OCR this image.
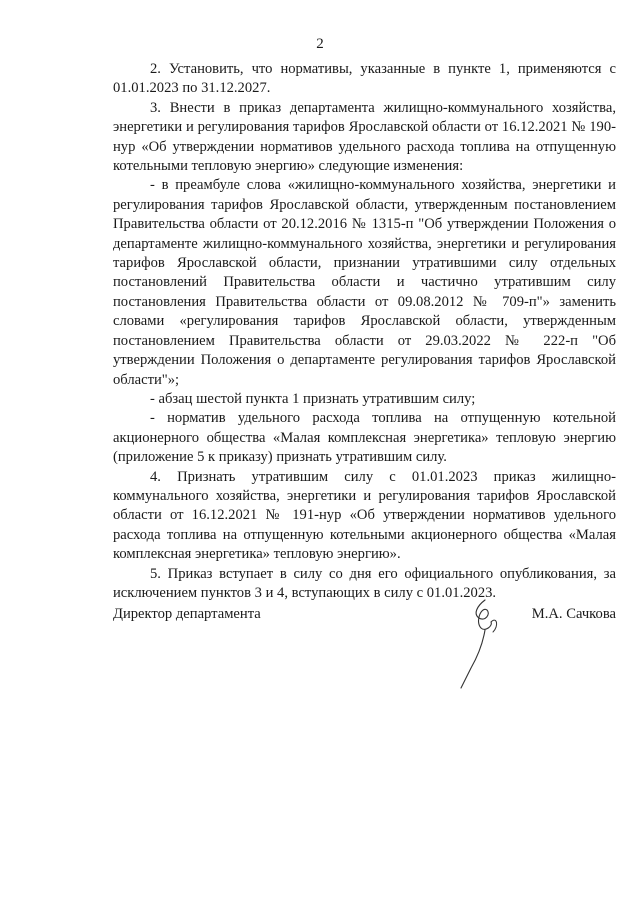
2

2. Установить, что нормативы, указанные в пункте 1, применяются с 01.01.2023 по 31.12.2027.

3. Внести в приказ департамента жилищно-коммунального хозяйства, энергетики и регулирования тарифов Ярославской области от 16.12.2021 № 190-нур «Об утверждении нормативов удельного расхода топлива на отпущенную котельными тепловую энергию» следующие изменения:

- в преамбуле слова «жилищно-коммунального хозяйства, энергетики и регулирования тарифов Ярославской области, утвержденным постановлением Правительства области от 20.12.2016 № 1315-п "Об утверждении Положения о департаменте жилищно-коммунального хозяйства, энергетики и регулирования тарифов Ярославской области, признании утратившими силу отдельных постановлений Правительства области и частично утратившим силу постановления Правительства области от 09.08.2012 № 709-п"» заменить словами «регулирования тарифов Ярославской области, утвержденным постановлением Правительства области от 29.03.2022 № 222-п "Об утверждении Положения о департаменте регулирования тарифов Ярославской области"»;

- абзац шестой пункта 1 признать утратившим силу;

- норматив удельного расхода топлива на отпущенную котельной акционерного общества «Малая комплексная энергетика» тепловую энергию (приложение 5 к приказу) признать утратившим силу.

4. Признать утратившим силу с 01.01.2023 приказ жилищно-коммунального хозяйства, энергетики и регулирования тарифов Ярославской области от 16.12.2021 № 191-нур «Об утверждении нормативов удельного расхода топлива на отпущенную котельными акционерного общества «Малая комплексная энергетика» тепловую энергию».

5. Приказ вступает в силу со дня его официального опубликования, за исключением пунктов 3 и 4, вступающих в силу с 01.01.2023.

Директор департамента	М.А. Сачкова
